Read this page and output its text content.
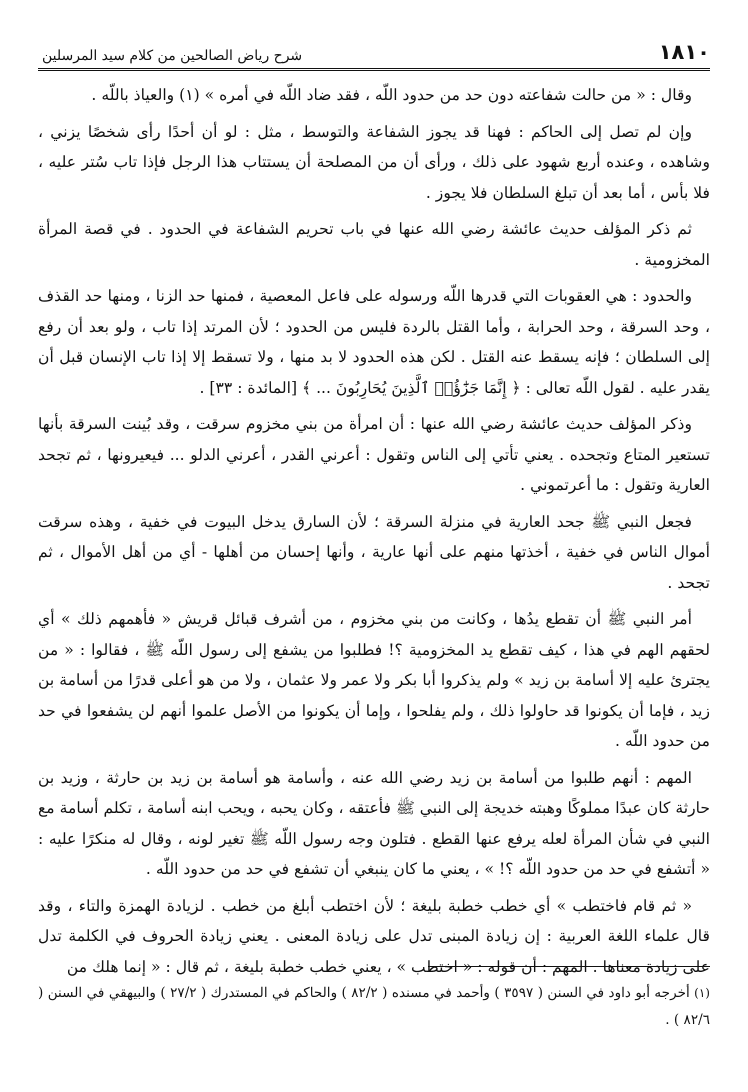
١٨١٠
شرح رياض الصالحين من كلام سيد المرسلين

وقال : « من حالت شفاعته دون حد من حدود اللّه ، فقد ضاد اللّه في أمره » (١) والعياذ باللّه .

وإن لم تصل إلى الحاكم : فهنا قد يجوز الشفاعة والتوسط ، مثل : لو أن أحدًا رأى شخصًا يزني ، وشاهده ، وعنده أربع شهود على ذلك ، ورأى أن من المصلحة أن يستتاب هذا الرجل فإذا تاب سُتر عليه ، فلا بأس ، أما بعد أن تبلغ السلطان فلا يجوز .

ثم ذكر المؤلف حديث عائشة رضي الله عنها في باب تحريم الشفاعة في الحدود . في قصة المرأة المخزومية .

والحدود : هي العقوبات التي قدرها اللّه ورسوله على فاعل المعصية ، فمنها حد الزنا ، ومنها حد القذف ، وحد السرقة ، وحد الحرابة ، وأما القتل بالردة فليس من الحدود ؛ لأن المرتد إذا تاب ، ولو بعد أن رفع إلى السلطان ؛ فإنه يسقط عنه القتل . لكن هذه الحدود لا بد منها ، ولا تسقط إلا إذا تاب الإنسان قبل أن يقدر عليه . لقول اللّه تعالى : ﴿ إِنَّمَا جَزَٰٓؤُا۟ ٱلَّذِينَ يُحَارِبُونَ ... ﴾ [المائدة : ٣٣] .

وذكر المؤلف حديث عائشة رضي الله عنها : أن امرأة من بني مخزوم سرقت ، وقد بُينت السرقة بأنها تستعير المتاع وتجحده . يعني تأتي إلى الناس وتقول : أعرني القدر ، أعرني الدلو ... فيعيرونها ، ثم تجحد العارية وتقول : ما أعرتموني .

فجعل النبي ﷺ جحد العارية في منزلة السرقة ؛ لأن السارق يدخل البيوت في خفية ، وهذه سرقت أموال الناس في خفية ، أخذتها منهم على أنها عارية ، وأنها إحسان من أهلها - أي من أهل الأموال ، ثم تجحد .

أمر النبي ﷺ أن تقطع يدُها ، وكانت من بني مخزوم ، من أشرف قبائل قريش « فأهمهم ذلك » أي لحقهم الهم في هذا ، كيف تقطع يد المخزومية ؟! فطلبوا من يشفع إلى رسول اللّه ﷺ ، فقالوا : « من يجترئ عليه إلا أسامة بن زيد » ولم يذكروا أبا بكر ولا عمر ولا عثمان ، ولا من هو أعلى قدرًا من أسامة بن زيد ، فإما أن يكونوا قد حاولوا ذلك ، ولم يفلحوا ، وإما أن يكونوا من الأصل علموا أنهم لن يشفعوا في حد من حدود اللّه .

المهم : أنهم طلبوا من أسامة بن زيد رضي الله عنه ، وأسامة هو أسامة بن زيد بن حارثة ، وزيد بن حارثة كان عبدًا مملوكًا وهبته خديجة إلى النبي ﷺ فأعتقه ، وكان يحبه ، ويحب ابنه أسامة ، تكلم أسامة مع النبي في شأن المرأة لعله يرفع عنها القطع . فتلون وجه رسول اللّه ﷺ تغير لونه ، وقال له منكرًا عليه : « أتشفع في حد من حدود اللّه ؟! » ، يعني ما كان ينبغي أن تشفع في حد من حدود اللّه .

« ثم قام فاختطب » أي خطب خطبة بليغة ؛ لأن اختطب أبلغ من خطب . لزيادة الهمزة والتاء ، وقد قال علماء اللغة العربية : إن زيادة المبنى تدل على زيادة المعنى . يعني زيادة الحروف في الكلمة تدل على زيادة معناها . المهم : أن قوله : « اختطب » ، يعني خطب خطبة بليغة ، ثم قال : « إنما هلك من

(١) أخرجه أبو داود في السنن ( ٣٥٩٧ ) وأحمد في مسنده ( ٨٢/٢ ) والحاكم في المستدرك ( ٢٧/٢ ) والبيهقي في السنن ( ٨٢/٦ ) .
